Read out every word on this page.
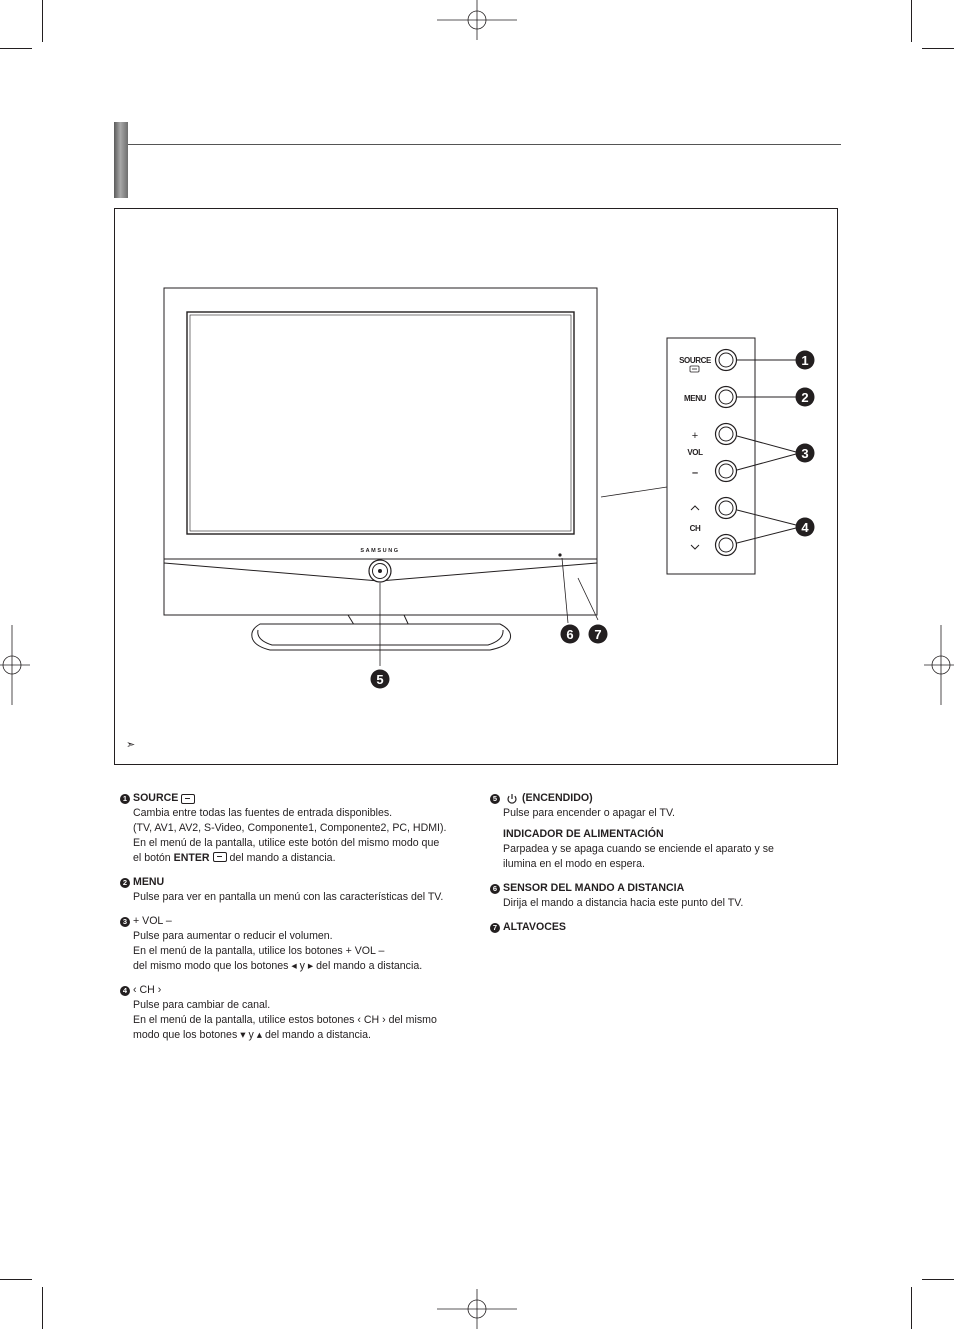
SAMSUNG
SOURCE
MENU
+
VOL
–
CH
1
2
3
4
5
6 7
➣
1 SOURCE
Cambia entre todas las fuentes de entrada disponibles.
(TV, AV1, AV2, S-Video, Componente1, Componente2, PC, HDMI).
En el menú de la pantalla, utilice este botón del mismo modo que
el botón ENTER del mando a distancia.
2 MENU
Pulse para ver en pantalla un menú con las características del TV.
3 + VOL –
Pulse para aumentar o reducir el volumen.
En el menú de la pantalla, utilice los botones + VOL –
del mismo modo que los botones ◂ y ▸ del mando a distancia.
4 ‹ CH ›
Pulse para cambiar de canal.
En el menú de la pantalla, utilice estos botones ‹ CH › del mismo
modo que los botones ▾ y ▴ del mando a distancia.
5 (ENCENDIDO)
Pulse para encender o apagar el TV.
INDICADOR DE ALIMENTACIÓN
Parpadea y se apaga cuando se enciende el aparato y se
ilumina en el modo en espera.
6 SENSOR DEL MANDO A DISTANCIA
Dirija el mando a distancia hacia este punto del TV.
7 ALTAVOCES
